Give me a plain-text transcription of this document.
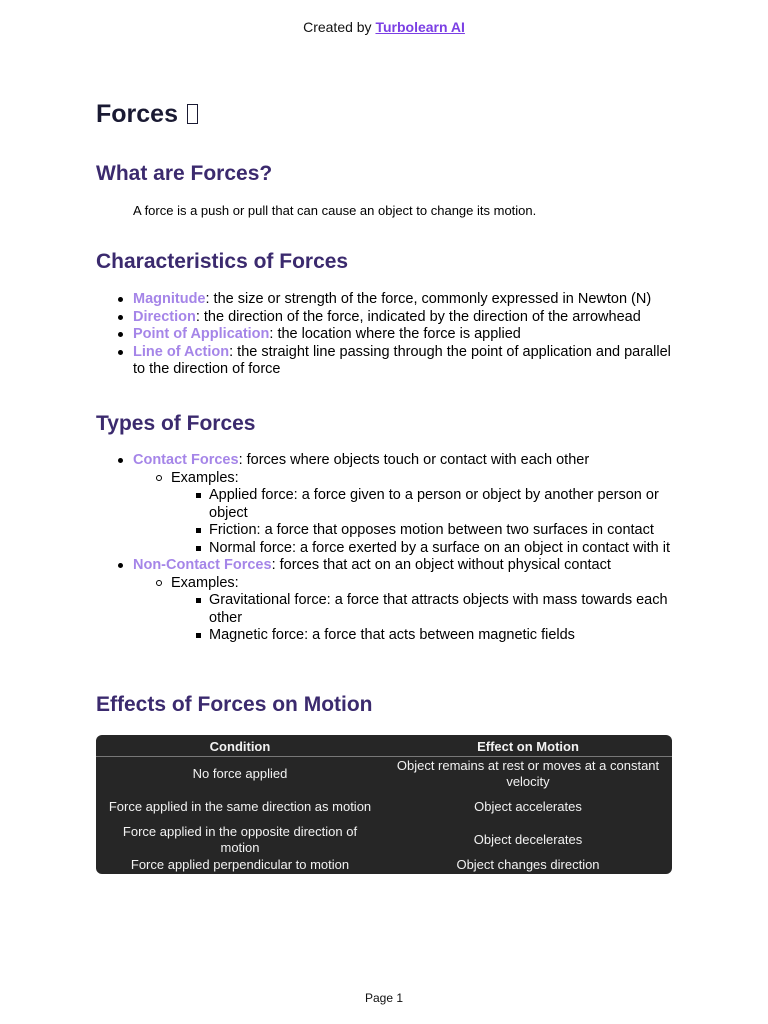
Created by Turbolearn AI
Forces
What are Forces?

A force is a push or pull that can cause an object to change its motion.

Characteristics of Forces
Magnitude: the size or strength of the force, commonly expressed in Newton (N)
Direction: the direction of the force, indicated by the direction of the arrowhead
Point of Application: the location where the force is applied
Line of Action: the straight line passing through the point of application and parallel to the direction of force
Types of Forces
Contact Forces: forces where objects touch or contact with each other
Examples:
Applied force: a force given to a person or object by another person or object
Friction: a force that opposes motion between two surfaces in contact
Normal force: a force exerted by a surface on an object in contact with it
Non-Contact Forces: forces that act on an object without physical contact
Examples:
Gravitational force: a force that attracts objects with mass towards each other
Magnetic force: a force that acts between magnetic fields
Effects of Forces on Motion
Condition	Effect on Motion
No force applied	Object remains at rest or moves at a constant velocity
Force applied in the same direction as motion	Object accelerates
Force applied in the opposite direction of motion	Object decelerates
Force applied perpendicular to motion	Object changes direction
Page 1
